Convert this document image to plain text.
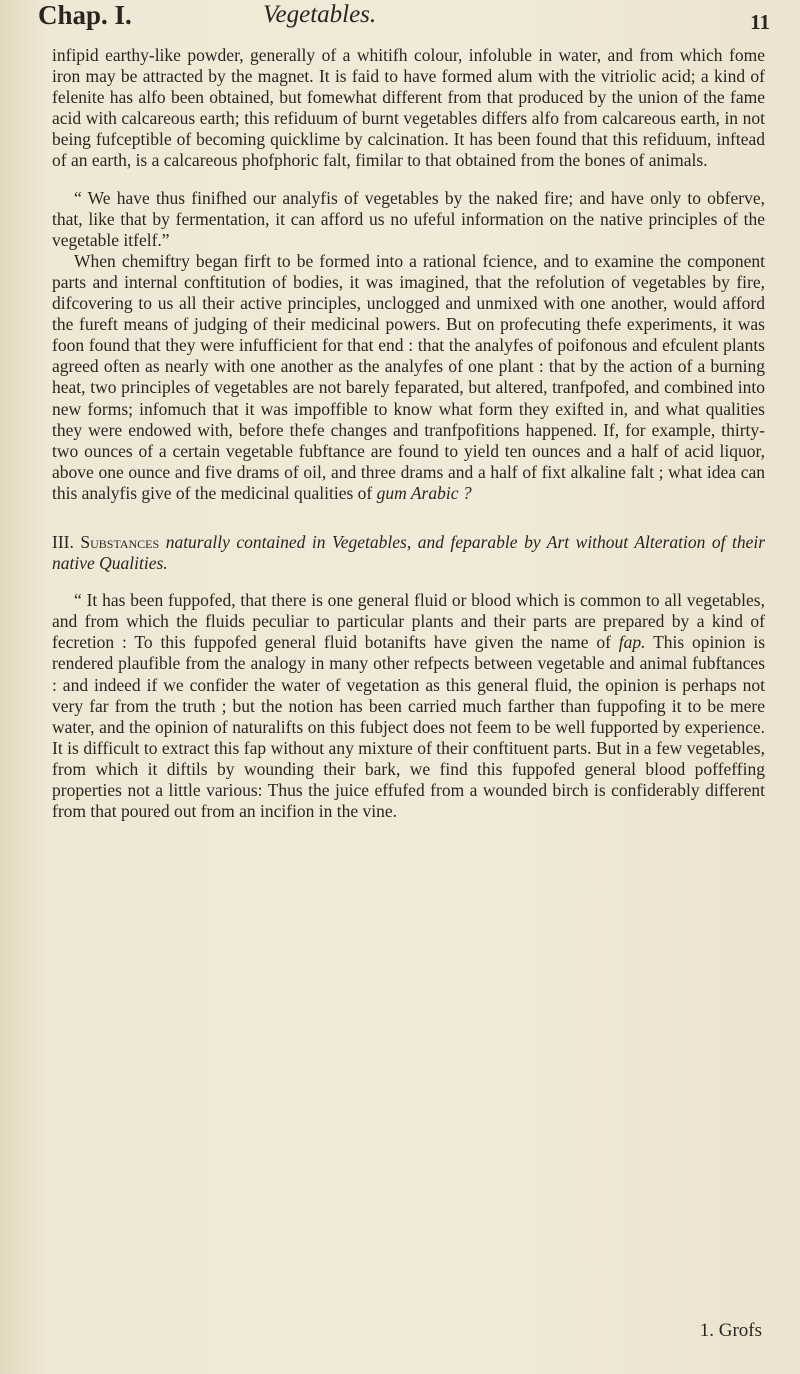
Chap. I.	Vegetables.	11

infipid earthy-like powder, generally of a whitifh colour, infoluble in water, and from which fome iron may be attracted by the magnet. It is faid to have formed alum with the vitriolic acid; a kind of felenite has alfo been obtained, but fomewhat different from that produced by the union of the fame acid with calcareous earth; this refiduum of burnt vegetables differs alfo from calcareous earth, in not being fufceptible of becoming quicklime by calcination. It has been found that this refiduum, inftead of an earth, is a calcareous phofphoric falt, fimilar to that obtained from the bones of animals.

“ We have thus finifhed our analyfis of vegetables by the naked fire; and have only to obferve, that, like that by fermentation, it can afford us no ufeful information on the native principles of the vegetable itfelf.”

When chemiftry began firft to be formed into a rational fcience, and to examine the component parts and internal conftitution of bodies, it was imagined, that the refolution of vegetables by fire, difcovering to us all their active principles, unclogged and unmixed with one another, would afford the fureft means of judging of their medicinal powers. But on profecuting thefe experiments, it was foon found that they were infufficient for that end : that the analyfes of poifonous and efculent plants agreed often as nearly with one another as the analyfes of one plant : that by the action of a burning heat, two principles of vegetables are not barely feparated, but altered, tranfpofed, and combined into new forms; infomuch that it was impoffible to know what form they exifted in, and what qualities they were endowed with, before thefe changes and tranfpofitions happened. If, for example, thirty-two ounces of a certain vegetable fubftance are found to yield ten ounces and a half of acid liquor, above one ounce and five drams of oil, and three drams and a half of fixt alkaline falt ; what idea can this analyfis give of the medicinal qualities of gum Arabic ?

III. Substances naturally contained in Vegetables, and feparable by Art without Alteration of their native Qualities.

“ It has been fuppofed, that there is one general fluid or blood which is common to all vegetables, and from which the fluids peculiar to particular plants and their parts are prepared by a kind of fecretion : To this fuppofed general fluid botanifts have given the name of fap. This opinion is rendered plaufible from the analogy in many other refpects between vegetable and animal fubftances : and indeed if we confider the water of vegetation as this general fluid, the opinion is perhaps not very far from the truth ; but the notion has been carried much farther than fuppofing it to be mere water, and the opinion of naturalifts on this fubject does not feem to be well fupported by experience. It is difficult to extract this fap without any mixture of their conftituent parts. But in a few vegetables, from which it diftils by wounding their bark, we find this fuppofed general blood poffeffing properties not a little various: Thus the juice effufed from a wounded birch is confiderably different from that poured out from an incifion in the vine.

1. Grofs
